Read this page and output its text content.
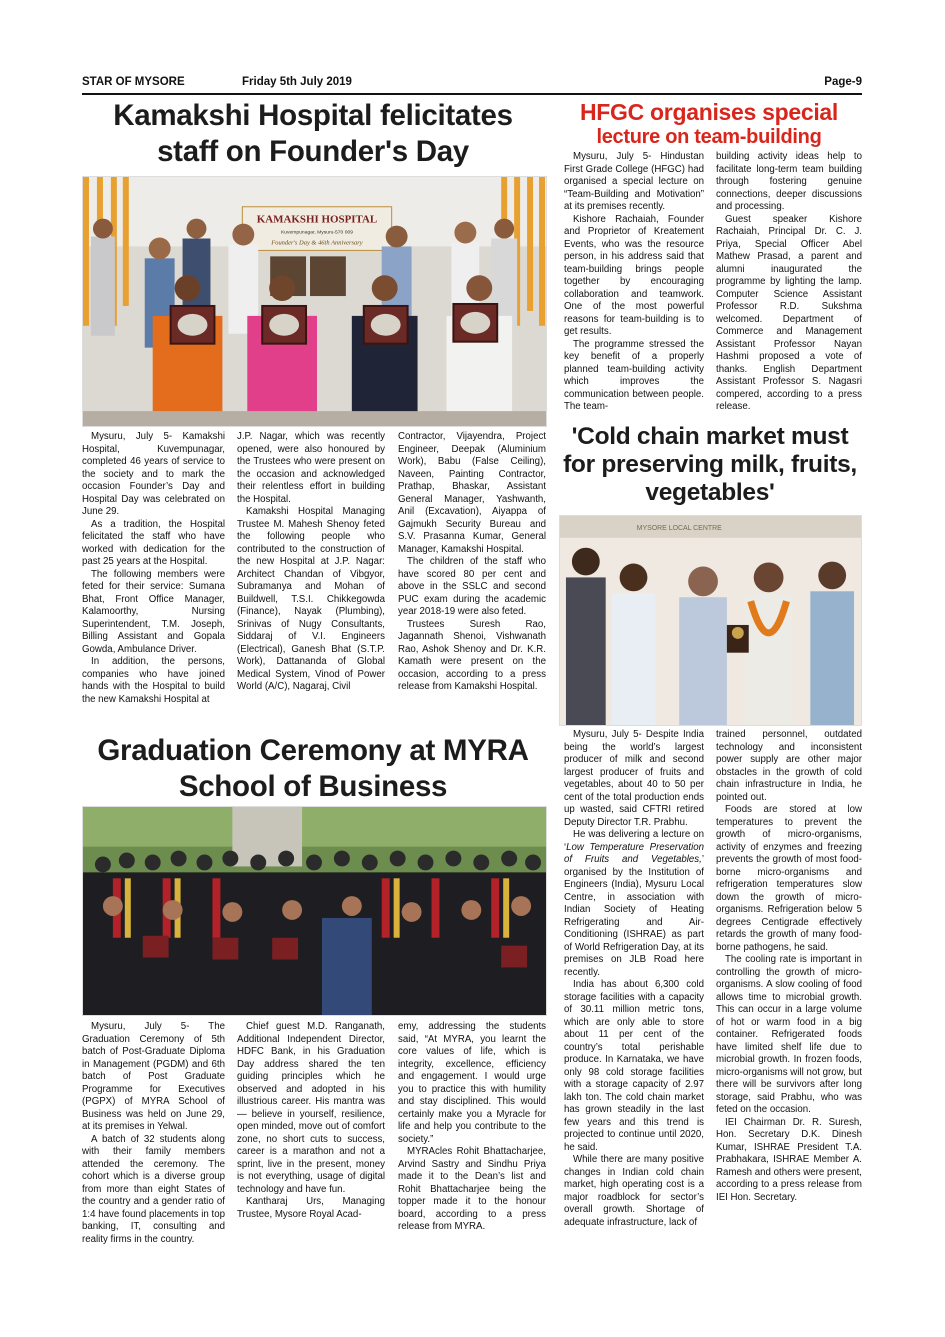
STAR OF MYSORE	Friday 5th July 2019	Page-9
Kamakshi Hospital felicitates staff on Founder's Day
KAMAKSHI HOSPITAL
Kuvempunagar, Mysuru-570 009
Founder's Day & 46th Anniversary

Mysuru, July 5- Kamakshi Hospital, Kuvempunagar, completed 46 years of service to the society and to mark the occasion Founder’s Day and Hospital Day was celebrated on June 29.

As a tradition, the Hospital felicitated the staff who have worked with dedication for the past 25 years at the Hospital.

The following members were feted for their service: Sumana Bhat, Front Office Manager, Kalamoorthy, Nursing Superintendent, T.M. Joseph, Billing Assistant and Gopala Gowda, Ambulance Driver.

In addition, the persons, companies who have joined hands with the Hospital to build the new Kamakshi Hospital at

J.P. Nagar, which was recently opened, were also honoured by the Trustees who were present on the occasion and acknowledged their relentless effort in building the Hospital.

Kamakshi Hospital Managing Trustee M. Mahesh Shenoy feted the following people who contributed to the construction of the new Hospital at J.P. Nagar: Architect Chandan of Vibgyor, Subramanya and Mohan of Buildwell, T.S.I. Chikkegowda (Finance), Nayak (Plumbing), Srinivas of Nugy Consultants, Siddaraj of V.I. Engineers (Electrical), Ganesh Bhat (S.T.P. Work), Dattananda of Global Medical System, Vinod of Power World (A/C), Nagaraj, Civil

Contractor, Vijayendra, Project Engineer, Deepak (Aluminium Work), Babu (False Ceiling), Naveen, Painting Contractor, Prathap, Bhaskar, Assistant General Manager, Yashwanth, Anil (Excavation), Aiyappa of Gajmukh Security Bureau and S.V. Prasanna Kumar, General Manager, Kamakshi Hospital.

The children of the staff who have scored 80 per cent and above in the SSLC and second PUC exam during the academic year 2018-19 were also feted.

Trustees Suresh Rao, Jagannath Shenoi, Vishwanath Rao, Ashok Shenoy and Dr. K.R. Kamath were present on the occasion, according to a press release from Kamakshi Hospital.

HFGC organises special
lecture on team-building

Mysuru, July 5- Hindustan First Grade College (HFGC) had organised a special lecture on “Team-Building and Motivation” at its premises recently.

Kishore Rachaiah, Founder and Proprietor of Kreatement Events, who was the resource person, in his address said that team-building brings people together by encouraging collaboration and teamwork. One of the most powerful reasons for team-building is to get results.

The programme stressed the key benefit of a properly planned team-building activity which improves the communication between people. The team-

building activity ideas help to facilitate long-term team building through fostering genuine connections, deeper discussions and processing.

Guest speaker Kishore Rachaiah, Principal Dr. C. J. Priya, Special Officer Abel Mathew Prasad, a parent and alumni inaugurated the programme by lighting the lamp. Computer Science Assistant Professor R.D. Sukshma welcomed. Department of Commerce and Management Assistant Professor Nayan Hashmi proposed a vote of thanks. English Department Assistant Professor S. Nagasri compered, according to a press release.

'Cold chain market must for preserving milk, fruits, vegetables'
MYSORE LOCAL CENTRE

Mysuru, July 5- Despite India being the world’s largest producer of milk and second largest producer of fruits and vegetables, about 40 to 50 per cent of the total production ends up wasted, said CFTRI retired Deputy Director T.R. Prabhu.

He was delivering a lecture on ‘Low Temperature Preservation of Fruits and Vegetables,’ organised by the Institution of Engineers (India), Mysuru Local Centre, in association with Indian Society of Heating Refrigerating and Air-Conditioning (ISHRAE) as part of World Refrigeration Day, at its premises on JLB Road here recently.

India has about 6,300 cold storage facilities with a capacity of 30.11 million metric tons, which are only able to store about 11 per cent of the country’s total perishable produce. In Karnataka, we have only 98 cold storage facilities with a storage capacity of 2.97 lakh ton. The cold chain market has grown steadily in the last few years and this trend is projected to continue until 2020, he said.

While there are many positive changes in Indian cold chain market, high operating cost is a major roadblock for sector’s overall growth. Shortage of adequate infrastructure, lack of

trained personnel, outdated technology and inconsistent power supply are other major obstacles in the growth of cold chain infrastructure in India, he pointed out.

Foods are stored at low temperatures to prevent the growth of micro-organisms, activity of enzymes and freezing prevents the growth of most food-borne micro-organisms and refrigeration temperatures slow down the growth of micro-organisms. Refrigeration below 5 degrees Centigrade effectively retards the growth of many food-borne pathogens, he said.

The cooling rate is important in controlling the growth of micro-organisms. A slow cooling of food allows time to microbial growth. This can occur in a large volume of hot or warm food in a big container. Refrigerated foods have limited shelf life due to microbial growth. In frozen foods, micro-organisms will not grow, but there will be survivors after long storage, said Prabhu, who was feted on the occasion.

IEI Chairman Dr. R. Suresh, Hon. Secretary D.K. Dinesh Kumar, ISHRAE President T.A. Prabhakara, ISHRAE Member A. Ramesh and others were present, according to a press release from IEI Hon. Secretary.

Graduation Ceremony at MYRA School of Business

Mysuru, July 5- The Graduation Ceremony of 5th batch of Post-Graduate Diploma in Management (PGDM) and 6th batch of Post Graduate Programme for Executives (PGPX) of MYRA School of Business was held on June 29, at its premises in Yelwal.

A batch of 32 students along with their family members attended the ceremony. The cohort which is a diverse group from more than eight States of the country and a gender ratio of 1:4 have found placements in top banking, IT, consulting and reality firms in the country.

Chief guest M.D. Ranganath, Additional Independent Director, HDFC Bank, in his Graduation Day address shared the ten guiding principles which he observed and adopted in his illustrious career. His mantra was — believe in yourself, resilience, open minded, move out of comfort zone, no short cuts to success, career is a marathon and not a sprint, live in the present, money is not everything, usage of digital technology and have fun.

Kantharaj Urs, Managing Trustee, Mysore Royal Acad-

emy, addressing the students said, “At MYRA, you learnt the core values of life, which is integrity, excellence, efficiency and engagement. I would urge you to practice this with humility and stay disciplined. This would certainly make you a Myracle for life and help you contribute to the society.”

MYRAcles Rohit Bhattacharjee, Arvind Sastry and Sindhu Priya made it to the Dean’s list and Rohit Bhattacharjee being the topper made it to the honour board, according to a press release from MYRA.
